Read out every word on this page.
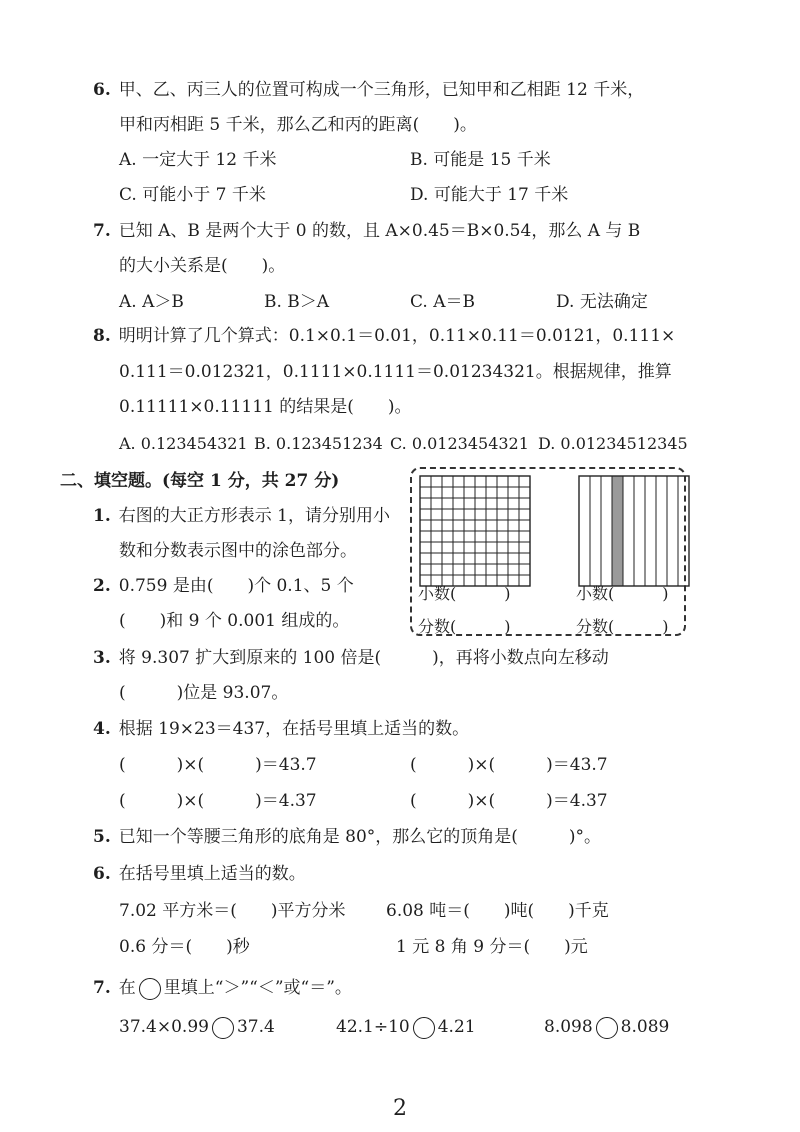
6. 甲、乙、丙三人的位置可构成一个三角形，已知甲和乙相距 12 千米，
甲和丙相距 5 千米，那么乙和丙的距离(　　)。
A. 一定大于 12 千米	B. 可能是 15 千米
C. 可能小于 7 千米	D. 可能大于 17 千米
7. 已知 A、B 是两个大于 0 的数，且 A×0.45＝B×0.54，那么 A 与 B
的大小关系是(　　)。
A. A＞B	B. B＞A	C. A＝B	D. 无法确定
8. 明明计算了几个算式：0.1×0.1＝0.01，0.11×0.11＝0.0121，0.111×
0.111＝0.012321，0.1111×0.1111＝0.01234321。根据规律，推算
0.11111×0.11111 的结果是(　　)。
A. 0.123454321 B. 0.123451234 C. 0.0123454321 D. 0.01234512345
二、填空题。(每空 1 分，共 27 分)
小数(　　　)
分数(　　　)
小数(　　　)
分数(　　　)
1. 右图的大正方形表示 1，请分别用小
数和分数表示图中的涂色部分。
2. 0.759 是由(　　)个 0.1、5 个
(　　)和 9 个 0.001 组成的。
3. 将 9.307 扩大到原来的 100 倍是(　　　)，再将小数点向左移动
(　　　)位是 93.07。
4. 根据 19×23＝437，在括号里填上适当的数。
(　　　)×(　　　)＝43.7	(　　　)×(　　　)＝43.7
(　　　)×(　　　)＝4.37	(　　　)×(　　　)＝4.37
5. 已知一个等腰三角形的底角是 80°，那么它的顶角是(　　　)°。
6. 在括号里填上适当的数。
7.02 平方米＝(　　)平方分米 6.08 吨＝(　　)吨(　　)千克
0.6 分＝(　　)秒	1 元 8 角 9 分＝(　　)元
7. 在 里填上“＞”“＜”或“＝”。
37.4×0.99 37.4	42.1÷10 4.21	8.098 8.089
2
